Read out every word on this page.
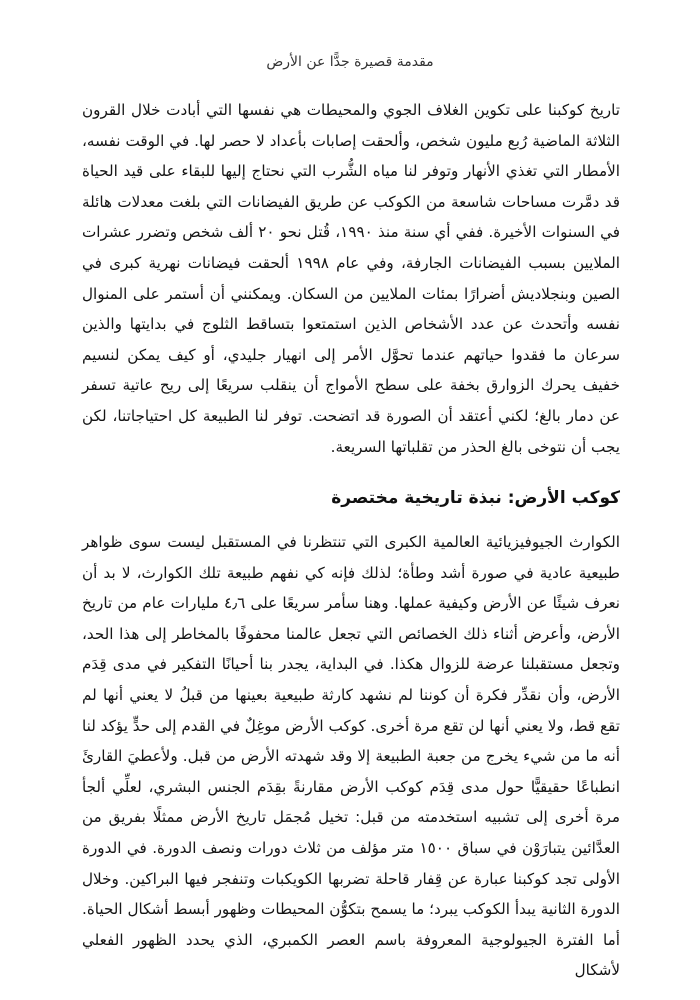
مقدمة قصيرة جدًّا عن الأرض

تاريخ كوكبنا على تكوين الغلاف الجوي والمحيطات هي نفسها التي أبادت خلال القرون الثلاثة الماضية رُبع مليون شخص، وألحقت إصابات بأعداد لا حصر لها. في الوقت نفسه، الأمطار التي تغذي الأنهار وتوفر لنا مياه الشُّرب التي نحتاج إليها للبقاء على قيد الحياة قد دمَّرت مساحات شاسعة من الكوكب عن طريق الفيضانات التي بلغت معدلات هائلة في السنوات الأخيرة. ففي أي سنة منذ ١٩٩٠، قُتل نحو ٢٠ ألف شخص وتضرر عشرات الملايين بسبب الفيضانات الجارفة، وفي عام ١٩٩٨ ألحقت فيضانات نهرية كبرى في الصين وبنجلاديش أضرارًا بمئات الملايين من السكان. ويمكنني أن أستمر على المنوال نفسه وأتحدث عن عدد الأشخاص الذين استمتعوا بتساقط الثلوج في بدايتها والذين سرعان ما فقدوا حياتهم عندما تحوَّل الأمر إلى انهيار جليدي، أو كيف يمكن لنسيم خفيف يحرك الزوارق بخفة على سطح الأمواج أن ينقلب سريعًا إلى ريح عاتية تسفر عن دمار بالغ؛ لكني أعتقد أن الصورة قد اتضحت. توفر لنا الطبيعة كل احتياجاتنا، لكن يجب أن نتوخى بالغ الحذر من تقلباتها السريعة.

كوكب الأرض: نبذة تاريخية مختصرة

الكوارث الجيوفيزيائية العالمية الكبرى التي تنتظرنا في المستقبل ليست سوى ظواهر طبيعية عادية في صورة أشد وطأة؛ لذلك فإنه كي نفهم طبيعة تلك الكوارث، لا بد أن نعرف شيئًا عن الأرض وكيفية عملها. وهنا سأمر سريعًا على ٤٫٦ مليارات عام من تاريخ الأرض، وأعرض أثناء ذلك الخصائص التي تجعل عالمنا محفوفًا بالمخاطر إلى هذا الحد، وتجعل مستقبلنا عرضة للزوال هكذا. في البداية، يجدر بنا أحيانًا التفكير في مدى قِدَم الأرض، وأن نقدِّر فكرة أن كوننا لم نشهد كارثة طبيعية بعينها من قبلُ لا يعني أنها لم تقع قط، ولا يعني أنها لن تقع مرة أخرى. كوكب الأرض موغِلٌ في القدم إلى حدٍّ يؤكد لنا أنه ما من شيء يخرج من جعبة الطبيعة إلا وقد شهدته الأرض من قبل. ولأعطيَ القارئَ انطباعًا حقيقيًّا حول مدى قِدَم كوكب الأرض مقارنةً بقِدَم الجنس البشري، لعلِّي ألجأ مرة أخرى إلى تشبيه استخدمته من قبل: تخيل مُجمَل تاريخ الأرض ممثلًا بفريق من العدَّائين يتبارَوْن في سباق ١٥٠٠ متر مؤلف من ثلاث دورات ونصف الدورة. في الدورة الأولى تجد كوكبنا عبارة عن قِفار قاحلة تضربها الكويكبات وتنفجر فيها البراكين. وخلال الدورة الثانية يبدأ الكوكب يبرد؛ ما يسمح بتكوُّن المحيطات وظهور أبسط أشكال الحياة. أما الفترة الجيولوجية المعروفة باسم العصر الكمبري، الذي يحدد الظهور الفعلي لأشكال
